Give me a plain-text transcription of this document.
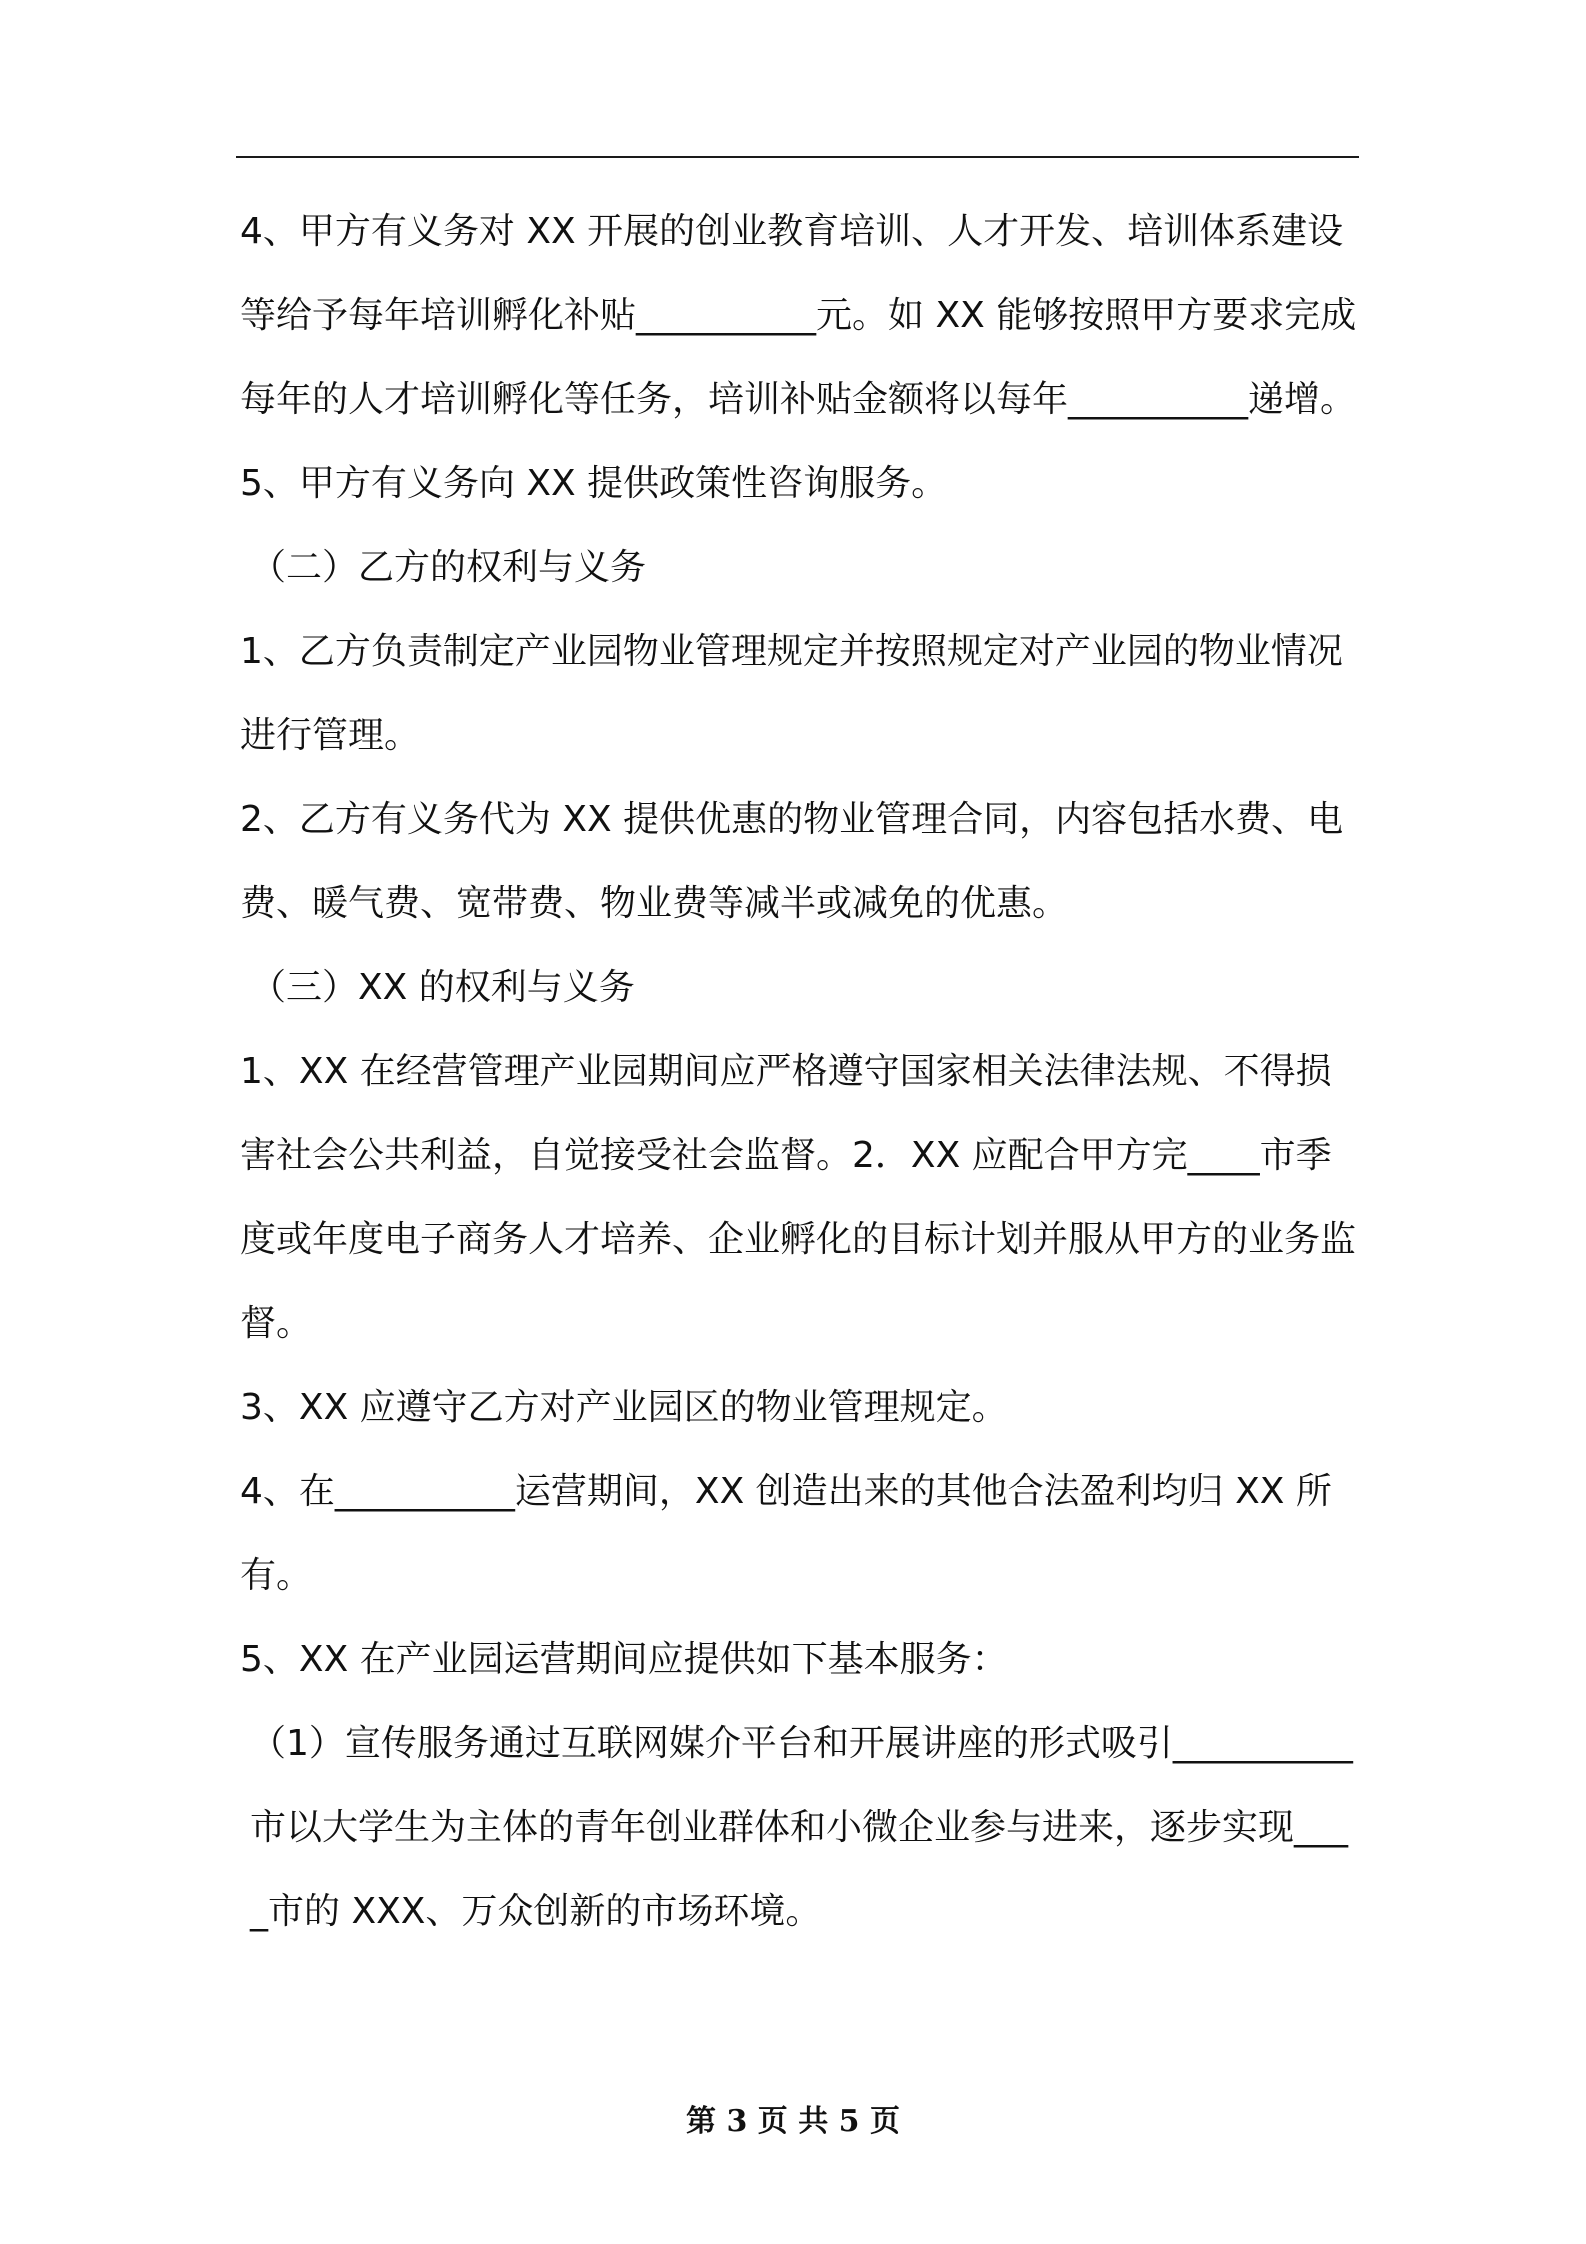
4、甲方有义务对 XX 开展的创业教育培训、人才开发、培训体系建设等给予每年培训孵化补贴__________元。如 XX 能够按照甲方要求完成每年的人才培训孵化等任务，培训补贴金额将以每年__________递增。

5、甲方有义务向 XX 提供政策性咨询服务。

（二）乙方的权利与义务

1、乙方负责制定产业园物业管理规定并按照规定对产业园的物业情况进行管理。

2、乙方有义务代为 XX 提供优惠的物业管理合同，内容包括水费、电费、暖气费、宽带费、物业费等减半或减免的优惠。

（三）XX 的权利与义务

1、XX 在经营管理产业园期间应严格遵守国家相关法律法规、不得损害社会公共利益，自觉接受社会监督。2．XX 应配合甲方完____市季度或年度电子商务人才培养、企业孵化的目标计划并服从甲方的业务监督。

3、XX 应遵守乙方对产业园区的物业管理规定。

4、在__________运营期间，XX 创造出来的其他合法盈利均归 XX 所有。

5、XX 在产业园运营期间应提供如下基本服务：

（1）宣传服务通过互联网媒介平台和开展讲座的形式吸引__________市以大学生为主体的青年创业群体和小微企业参与进来，逐步实现____市的 XXX、万众创新的市场环境。

第 3 页 共 5 页
